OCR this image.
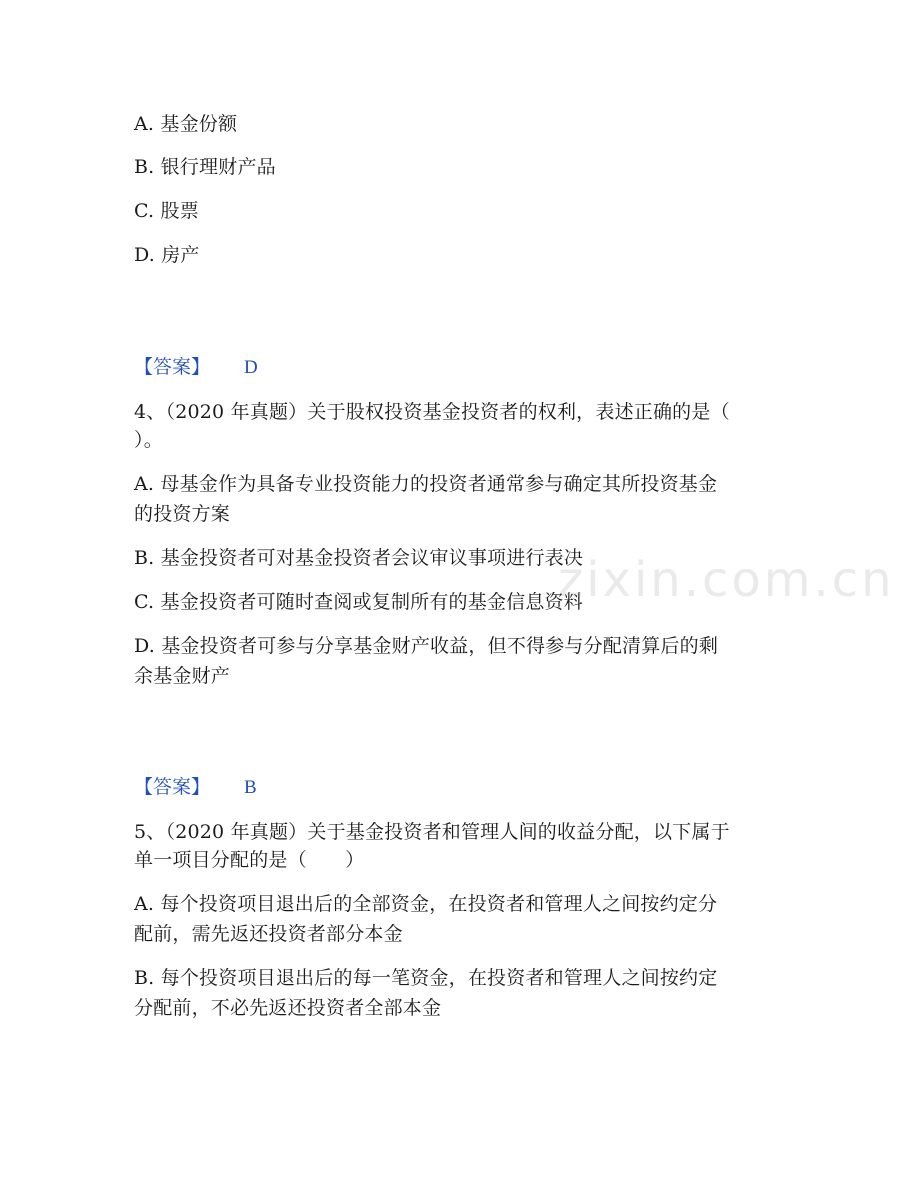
A. 基金份额
B. 银行理财产品
C. 股票
D. 房产
【答案】 D
4、（2020 年真题）关于股权投资基金投资者的权利，表述正确的是（
）。
A. 母基金作为具备专业投资能力的投资者通常参与确定其所投资基金
的投资方案
B. 基金投资者可对基金投资者会议审议事项进行表决
C. 基金投资者可随时查阅或复制所有的基金信息资料
D. 基金投资者可参与分享基金财产收益，但不得参与分配清算后的剩
余基金财产
【答案】 B
5、（2020 年真题）关于基金投资者和管理人间的收益分配，以下属于
单一项目分配的是（　　）
A. 每个投资项目退出后的全部资金，在投资者和管理人之间按约定分
配前，需先返还投资者部分本金
B. 每个投资项目退出后的每一笔资金，在投资者和管理人之间按约定
分配前，不必先返还投资者全部本金
zixin.com.cn
